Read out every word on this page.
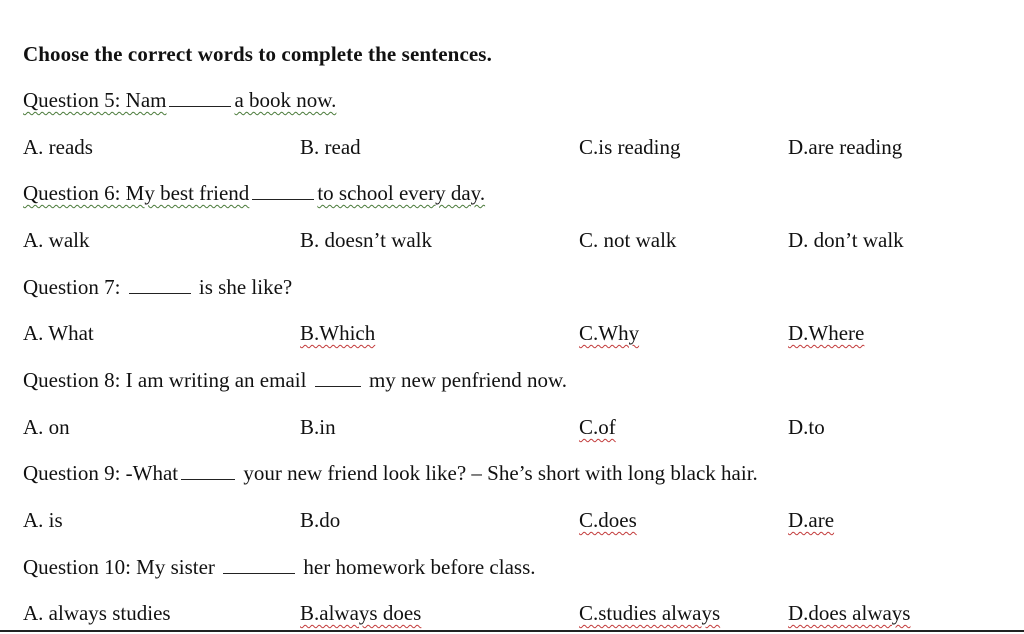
Choose the correct words to complete the sentences.
Question 5: Nam	a book now.
A. reads	B. read	C.is reading	D.are reading
Question 6: My best friend	to school every day.
A. walk	B. doesn’t walk	C. not walk	D. don’t walk
Question 7:	is she like?
A. What	B.Which	C.Why	D.Where
Question 8: I am writing an email	my new penfriend now.
A. on	B.in	C.of	D.to
Question 9: -What	your new friend look like? – She’s short with long black hair.
A. is	B.do	C.does	D.are
Question 10: My sister	her homework before class.
A. always studies	B.always does	C.studies always	D.does always
